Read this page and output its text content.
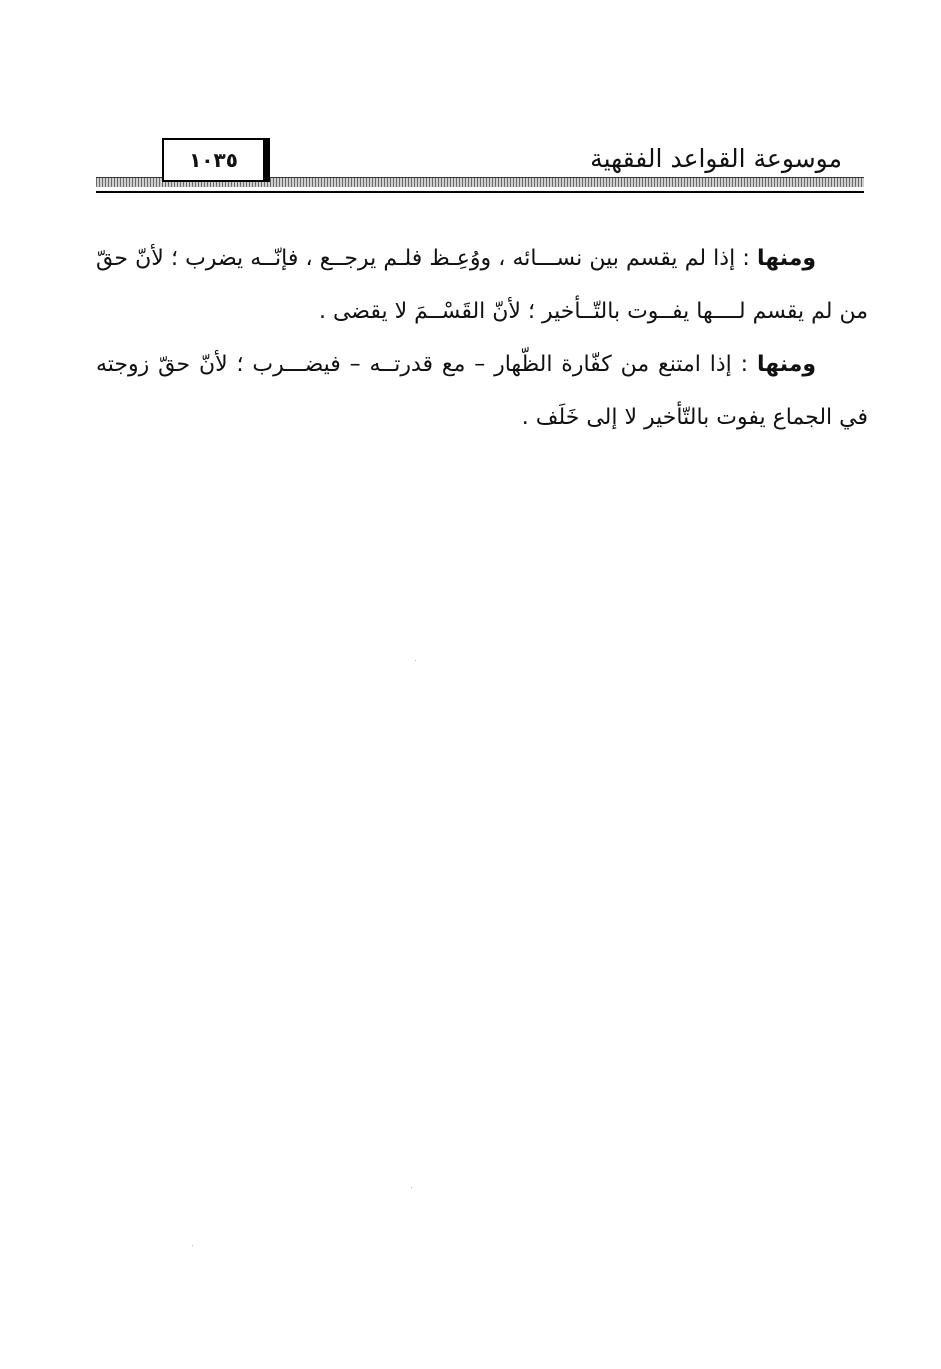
موسوعة القواعد الفقهية
١٠٣٥

ومنها : إذا لم يقسم بين نســـائه ، ووُعِـظ فلـم يرجــع ، فإنّــه يضرب ؛ لأنّ حقّ من لم يقسم لــــها يفــوت بالتّــأخير ؛ لأنّ القَسْــمَ لا يقضى .

ومنها : إذا امتنع من كفّارة الظّهار – مع قدرتــه – فيضـــرب ؛ لأنّ حقّ زوجته في الجماع يفوت بالتّأخير لا إلى خَلَف .
